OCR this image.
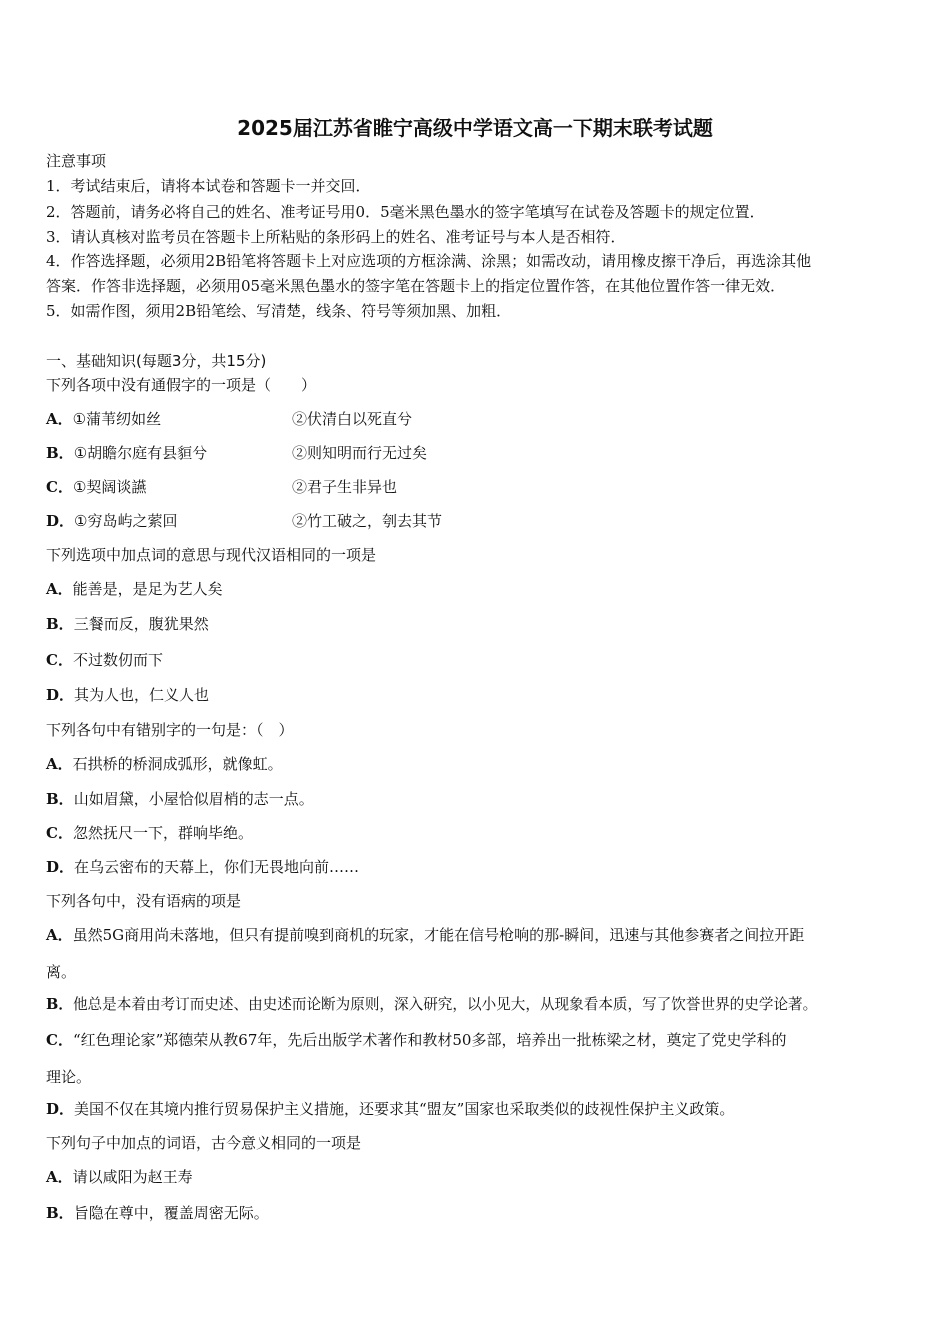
2025届江苏省睢宁高级中学语文高一下期末联考试题
注意事项
1．考试结束后，请将本试卷和答题卡一并交回．
2．答题前，请务必将自己的姓名、准考证号用0．5毫米黑色墨水的签字笔填写在试卷及答题卡的规定位置．
3．请认真核对监考员在答题卡上所粘贴的条形码上的姓名、准考证号与本人是否相符．
4．作答选择题，必须用2B铅笔将答题卡上对应选项的方框涂满、涂黑；如需改动，请用橡皮擦干净后，再选涂其他
答案．作答非选择题，必须用05毫米黑色墨水的签字笔在答题卡上的指定位置作答，在其他位置作答一律无效．
5．如需作图，须用2B铅笔绘、写清楚，线条、符号等须加黑、加粗．
一、基础知识(每题3分，共15分)
下列各项中没有通假字的一项是（　　）
A．①蒲苇纫如丝	②伏清白以死直兮
B．①胡瞻尔庭有县貆兮	②则知明而行无过矣
C．①契阔谈讌	②君子生非异也
D．①穷岛屿之萦回	②竹工破之，刳去其节
下列选项中加点词的意思与现代汉语相同的一项是
A．能善是，是足为艺人矣
B．三餐而反，腹犹果然
C．不过数仞而下
D．其为人也，仁义人也
下列各句中有错别字的一句是：（　）
A．石拱桥的桥洞成弧形，就像虹。
B．山如眉黛，小屋恰似眉梢的志一点。
C．忽然抚尺一下，群响毕绝。
D．在乌云密布的天幕上，你们无畏地向前……
下列各句中，没有语病的项是
A．虽然5G商用尚未落地，但只有提前嗅到商机的玩家，才能在信号枪响的那-瞬间，迅速与其他参赛者之间拉开距
离。
B．他总是本着由考订而史述、由史述而论断为原则，深入研究，以小见大，从现象看本质，写了饮誉世界的史学论著。
C．“红色理论家”郑德荣从教67年，先后出版学术著作和教材50多部，培养出一批栋梁之材，奠定了党史学科的
理论。
D．美国不仅在其境内推行贸易保护主义措施，还要求其“盟友”国家也采取类似的歧视性保护主义政策。
下列句子中加点的词语，古今意义相同的一项是
A．请以咸阳为赵王寿
B．旨隐在尊中，覆盖周密无际。
